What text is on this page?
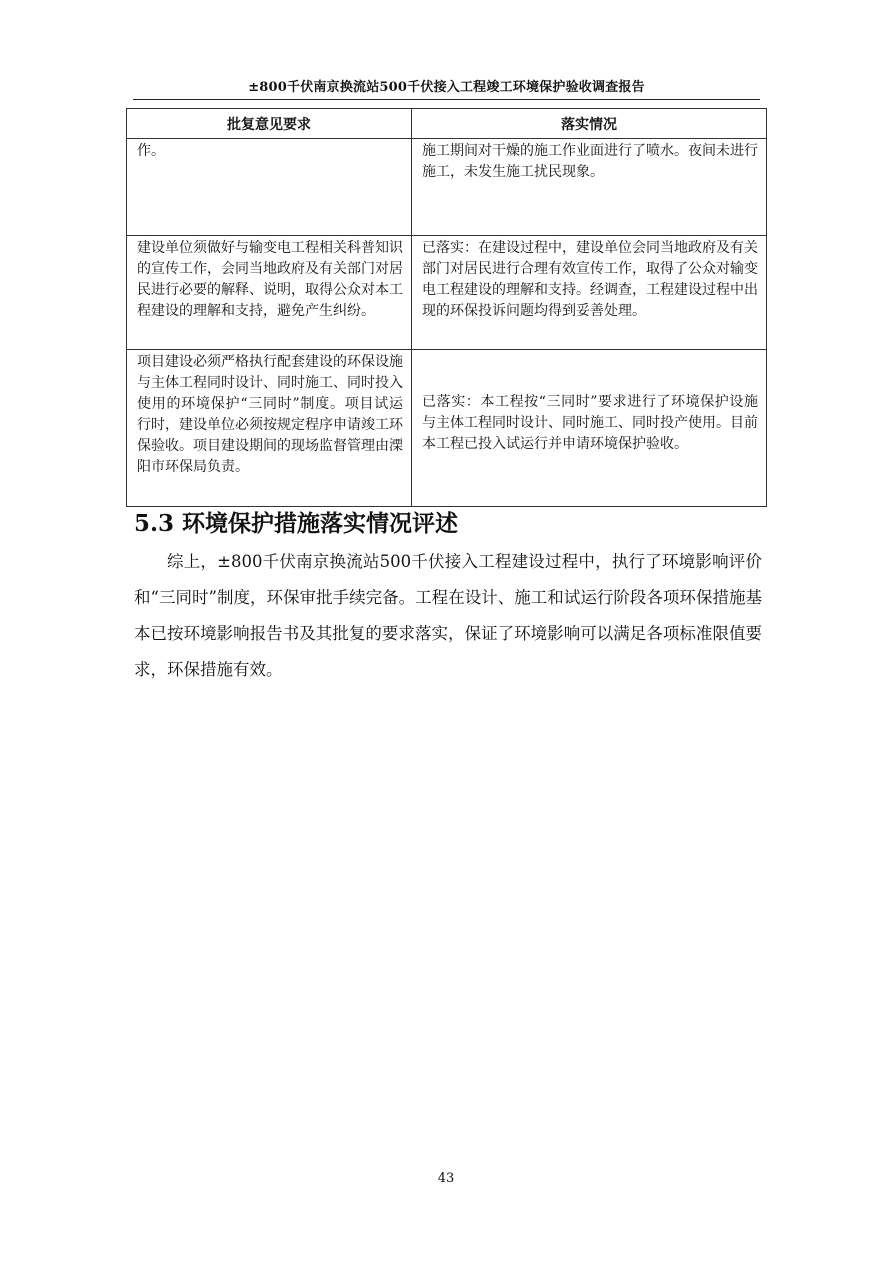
±800千伏南京换流站500千伏接入工程竣工环境保护验收调查报告
批复意见要求	落实情况
作。	施工期间对干燥的施工作业面进行了喷水。夜间未进行施工，未发生施工扰民现象。
建设单位须做好与输变电工程相关科普知识的宣传工作，会同当地政府及有关部门对居民进行必要的解释、说明，取得公众对本工程建设的理解和支持，避免产生纠纷。	已落实：在建设过程中，建设单位会同当地政府及有关部门对居民进行合理有效宣传工作，取得了公众对输变电工程建设的理解和支持。经调查，工程建设过程中出现的环保投诉问题均得到妥善处理。
项目建设必须严格执行配套建设的环保设施与主体工程同时设计、同时施工、同时投入使用的环境保护“三同时”制度。项目试运行时，建设单位必须按规定程序申请竣工环保验收。项目建设期间的现场监督管理由溧阳市环保局负责。	已落实：本工程按“三同时”要求进行了环境保护设施与主体工程同时设计、同时施工、同时投产使用。目前本工程已投入试运行并申请环境保护验收。
5.3 环境保护措施落实情况评述
综上，±800千伏南京换流站500千伏接入工程建设过程中，执行了环境影响评价和“三同时”制度，环保审批手续完备。工程在设计、施工和试运行阶段各项环保措施基本已按环境影响报告书及其批复的要求落实，保证了环境影响可以满足各项标准限值要求，环保措施有效。
43
